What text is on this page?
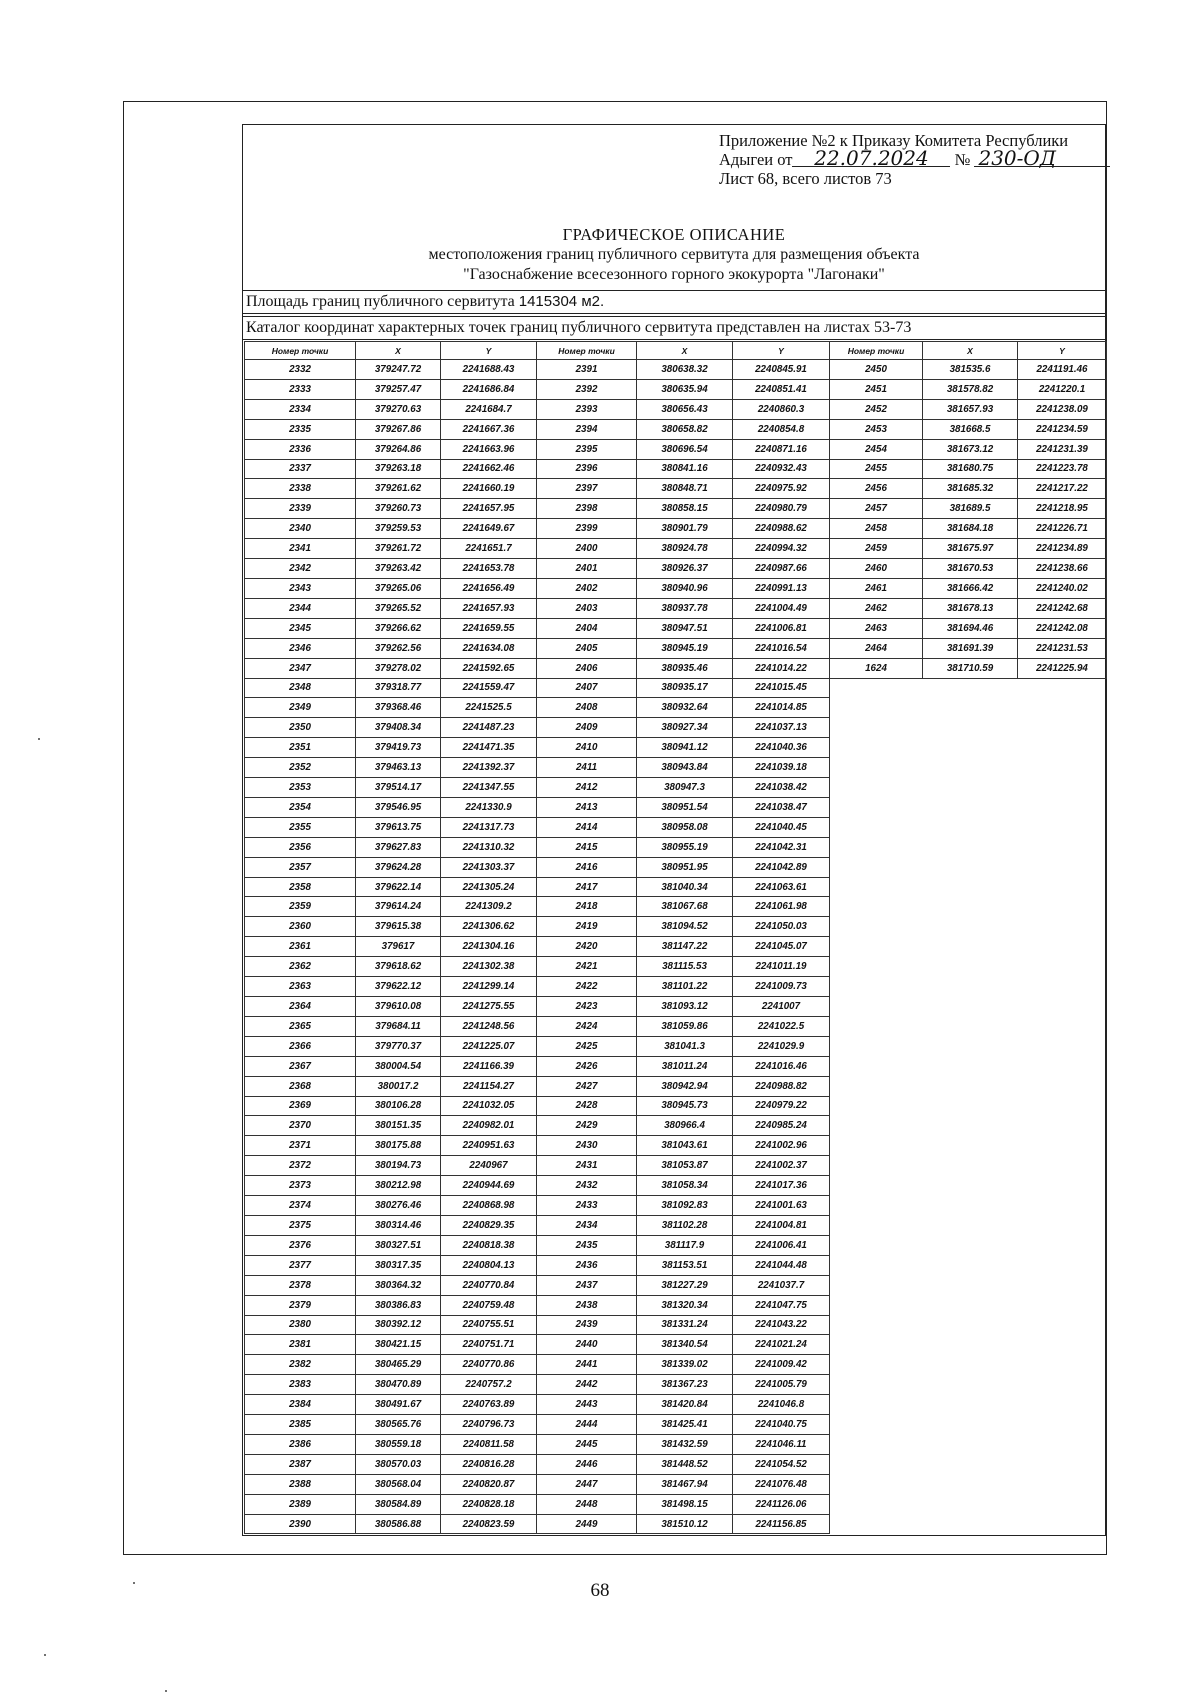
Приложение №2 к Приказу Комитета Республики
Адыгеи от 22.07.2024 № 230-ОД
Лист 68, всего листов 73
ГРАФИЧЕСКОЕ ОПИСАНИЕ
местоположения границ публичного сервитута для размещения объекта
"Газоснабжение всесезонного горного экокурорта "Лагонаки"
Площадь границ публичного сервитута 1415304 м2.
Каталог координат характерных точек границ публичного сервитута представлен на листах 53-73
Номер точки	X	Y	Номер точки	X	Y	Номер точки	X	Y
2332	379247.72	2241688.43	2391	380638.32	2240845.91	2450	381535.6	2241191.46
2333	379257.47	2241686.84	2392	380635.94	2240851.41	2451	381578.82	2241220.1
2334	379270.63	2241684.7	2393	380656.43	2240860.3	2452	381657.93	2241238.09
2335	379267.86	2241667.36	2394	380658.82	2240854.8	2453	381668.5	2241234.59
2336	379264.86	2241663.96	2395	380696.54	2240871.16	2454	381673.12	2241231.39
2337	379263.18	2241662.46	2396	380841.16	2240932.43	2455	381680.75	2241223.78
2338	379261.62	2241660.19	2397	380848.71	2240975.92	2456	381685.32	2241217.22
2339	379260.73	2241657.95	2398	380858.15	2240980.79	2457	381689.5	2241218.95
2340	379259.53	2241649.67	2399	380901.79	2240988.62	2458	381684.18	2241226.71
2341	379261.72	2241651.7	2400	380924.78	2240994.32	2459	381675.97	2241234.89
2342	379263.42	2241653.78	2401	380926.37	2240987.66	2460	381670.53	2241238.66
2343	379265.06	2241656.49	2402	380940.96	2240991.13	2461	381666.42	2241240.02
2344	379265.52	2241657.93	2403	380937.78	2241004.49	2462	381678.13	2241242.68
2345	379266.62	2241659.55	2404	380947.51	2241006.81	2463	381694.46	2241242.08
2346	379262.56	2241634.08	2405	380945.19	2241016.54	2464	381691.39	2241231.53
2347	379278.02	2241592.65	2406	380935.46	2241014.22	1624	381710.59	2241225.94
2348	379318.77	2241559.47	2407	380935.17	2241015.45			
2349	379368.46	2241525.5	2408	380932.64	2241014.85			
2350	379408.34	2241487.23	2409	380927.34	2241037.13			
2351	379419.73	2241471.35	2410	380941.12	2241040.36			
2352	379463.13	2241392.37	2411	380943.84	2241039.18			
2353	379514.17	2241347.55	2412	380947.3	2241038.42			
2354	379546.95	2241330.9	2413	380951.54	2241038.47			
2355	379613.75	2241317.73	2414	380958.08	2241040.45			
2356	379627.83	2241310.32	2415	380955.19	2241042.31			
2357	379624.28	2241303.37	2416	380951.95	2241042.89			
2358	379622.14	2241305.24	2417	381040.34	2241063.61			
2359	379614.24	2241309.2	2418	381067.68	2241061.98			
2360	379615.38	2241306.62	2419	381094.52	2241050.03			
2361	379617	2241304.16	2420	381147.22	2241045.07			
2362	379618.62	2241302.38	2421	381115.53	2241011.19			
2363	379622.12	2241299.14	2422	381101.22	2241009.73			
2364	379610.08	2241275.55	2423	381093.12	2241007			
2365	379684.11	2241248.56	2424	381059.86	2241022.5			
2366	379770.37	2241225.07	2425	381041.3	2241029.9			
2367	380004.54	2241166.39	2426	381011.24	2241016.46			
2368	380017.2	2241154.27	2427	380942.94	2240988.82			
2369	380106.28	2241032.05	2428	380945.73	2240979.22			
2370	380151.35	2240982.01	2429	380966.4	2240985.24			
2371	380175.88	2240951.63	2430	381043.61	2241002.96			
2372	380194.73	2240967	2431	381053.87	2241002.37			
2373	380212.98	2240944.69	2432	381058.34	2241017.36			
2374	380276.46	2240868.98	2433	381092.83	2241001.63			
2375	380314.46	2240829.35	2434	381102.28	2241004.81			
2376	380327.51	2240818.38	2435	381117.9	2241006.41			
2377	380317.35	2240804.13	2436	381153.51	2241044.48			
2378	380364.32	2240770.84	2437	381227.29	2241037.7			
2379	380386.83	2240759.48	2438	381320.34	2241047.75			
2380	380392.12	2240755.51	2439	381331.24	2241043.22			
2381	380421.15	2240751.71	2440	381340.54	2241021.24			
2382	380465.29	2240770.86	2441	381339.02	2241009.42			
2383	380470.89	2240757.2	2442	381367.23	2241005.79			
2384	380491.67	2240763.89	2443	381420.84	2241046.8			
2385	380565.76	2240796.73	2444	381425.41	2241040.75			
2386	380559.18	2240811.58	2445	381432.59	2241046.11			
2387	380570.03	2240816.28	2446	381448.52	2241054.52			
2388	380568.04	2240820.87	2447	381467.94	2241076.48			
2389	380584.89	2240828.18	2448	381498.15	2241126.06			
2390	380586.88	2240823.59	2449	381510.12	2241156.85			

68
